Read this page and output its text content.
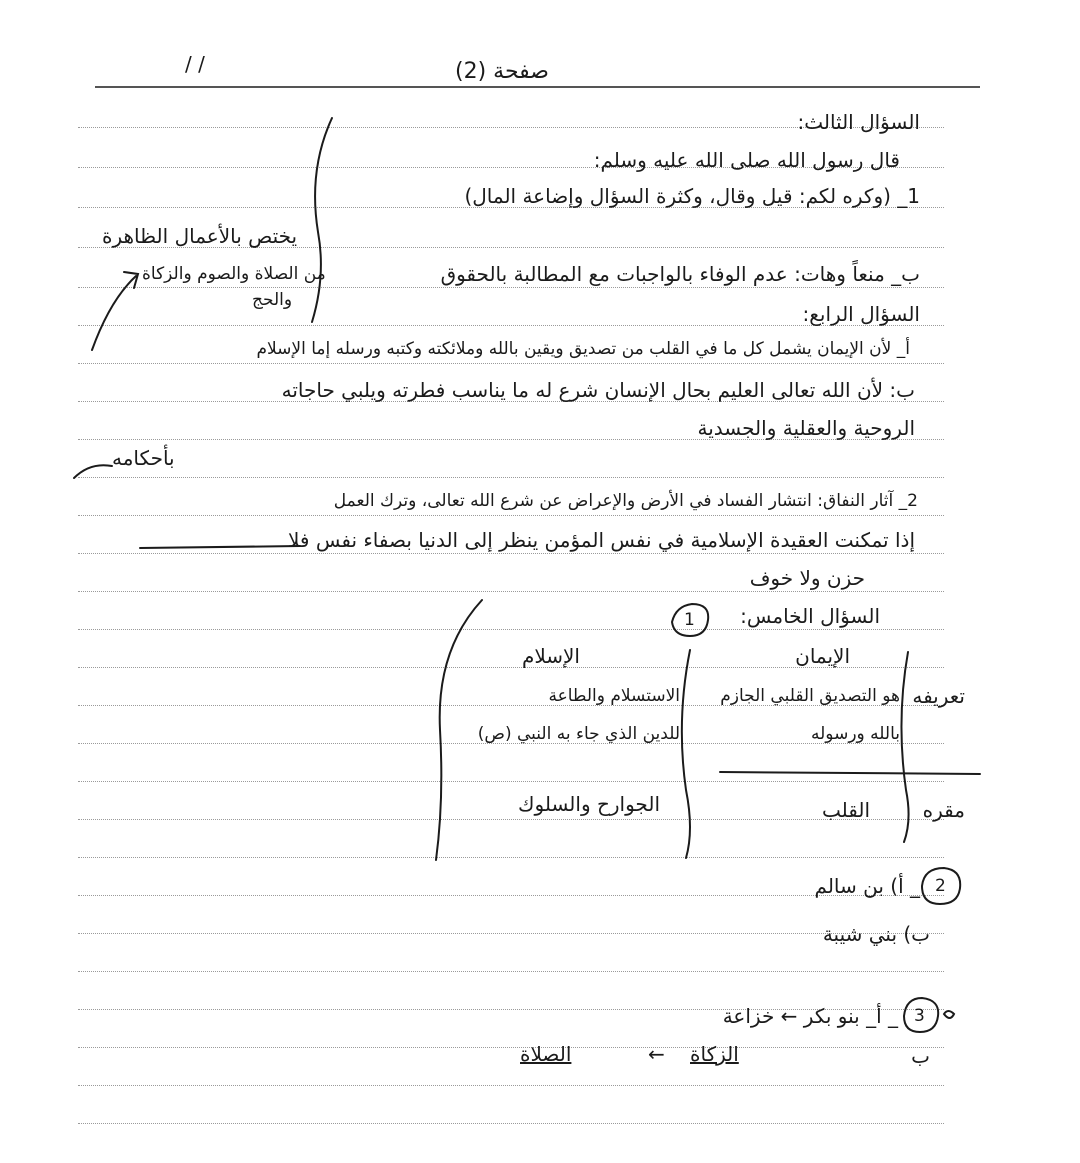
/ /	صفحة (2)
السؤال الثالث:
قال رسول الله صلى الله عليه وسلم:
1_ (وكره لكم: قيل وقال، وكثرة السؤال وإضاعة المال)
ب_ منعاً وهات: عدم الوفاء بالواجبات مع المطالبة بالحقوق
يختص بالأعمال الظاهرة
من الصلاة والصوم والزكاة
والحج
السؤال الرابع:
أ_ لأن الإيمان يشمل كل ما في القلب من تصديق ويقين بالله وملائكته وكتبه ورسله إما الإسلام
ب: لأن الله تعالى العليم بحال الإنسان شرع له ما يناسب فطرته ويلبي حاجاته
الروحية والعقلية والجسدية
بأحكامه
2_ آثار النفاق: انتشار الفساد في الأرض والإعراض عن شرع الله تعالى، وترك العمل
إذا تمكنت العقيدة الإسلامية في نفس المؤمن ينظر إلى الدنيا بصفاء نفس فلا
حزن ولا خوف
السؤال الخامس:
1
الإيمان
الإسلام
تعريفه
هو التصديق القلبي الجازم
بالله ورسوله
الاستسلام والطاعة
للدين الذي جاء به النبي (ص)
مقره
القلب
الجوارح والسلوك
2
_ أ) بن سالم
ب) بني شيبة
3
_ أ_ بنو بكر ← خزاعة
ب
الصلاة	← الزكاة
